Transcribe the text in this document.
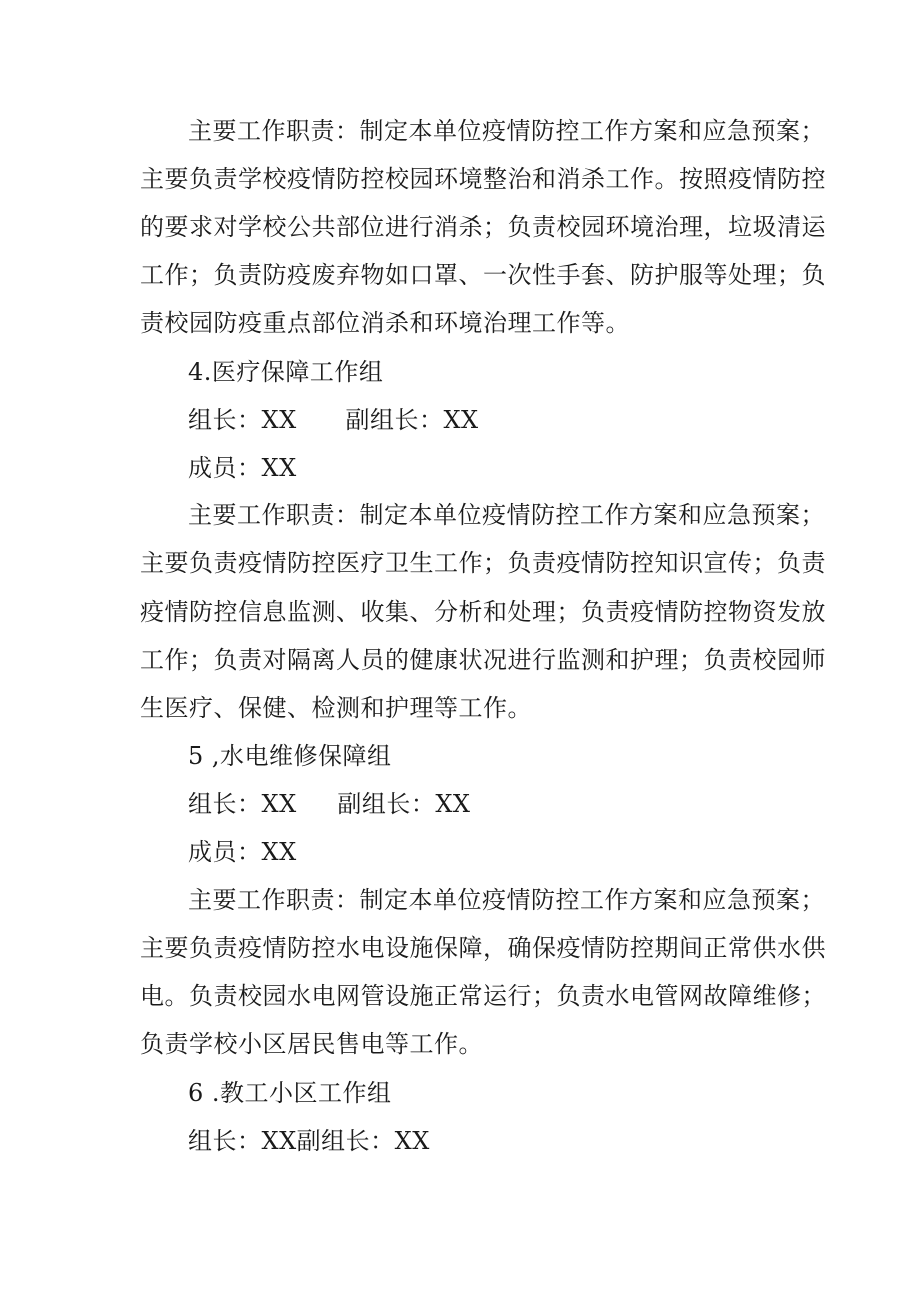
主要工作职责：制定本单位疫情防控工作方案和应急预案；
主要负责学校疫情防控校园环境整治和消杀工作。按照疫情防控
的要求对学校公共部位进行消杀；负责校园环境治理，垃圾清运
工作；负责防疫废弃物如口罩、一次性手套、防护服等处理；负
责校园防疫重点部位消杀和环境治理工作等。
4.医疗保障工作组
组长：XX      副组长：XX
成员：XX
主要工作职责：制定本单位疫情防控工作方案和应急预案；
主要负责疫情防控医疗卫生工作；负责疫情防控知识宣传；负责
疫情防控信息监测、收集、分析和处理；负责疫情防控物资发放
工作；负责对隔离人员的健康状况进行监测和护理；负责校园师
生医疗、保健、检测和护理等工作。
5 ,水电维修保障组
组长：XX     副组长：XX
成员：XX
主要工作职责：制定本单位疫情防控工作方案和应急预案；
主要负责疫情防控水电设施保障，确保疫情防控期间正常供水供
电。负责校园水电网管设施正常运行；负责水电管网故障维修；
负责学校小区居民售电等工作。
6 .教工小区工作组
组长：XX副组长：XX
